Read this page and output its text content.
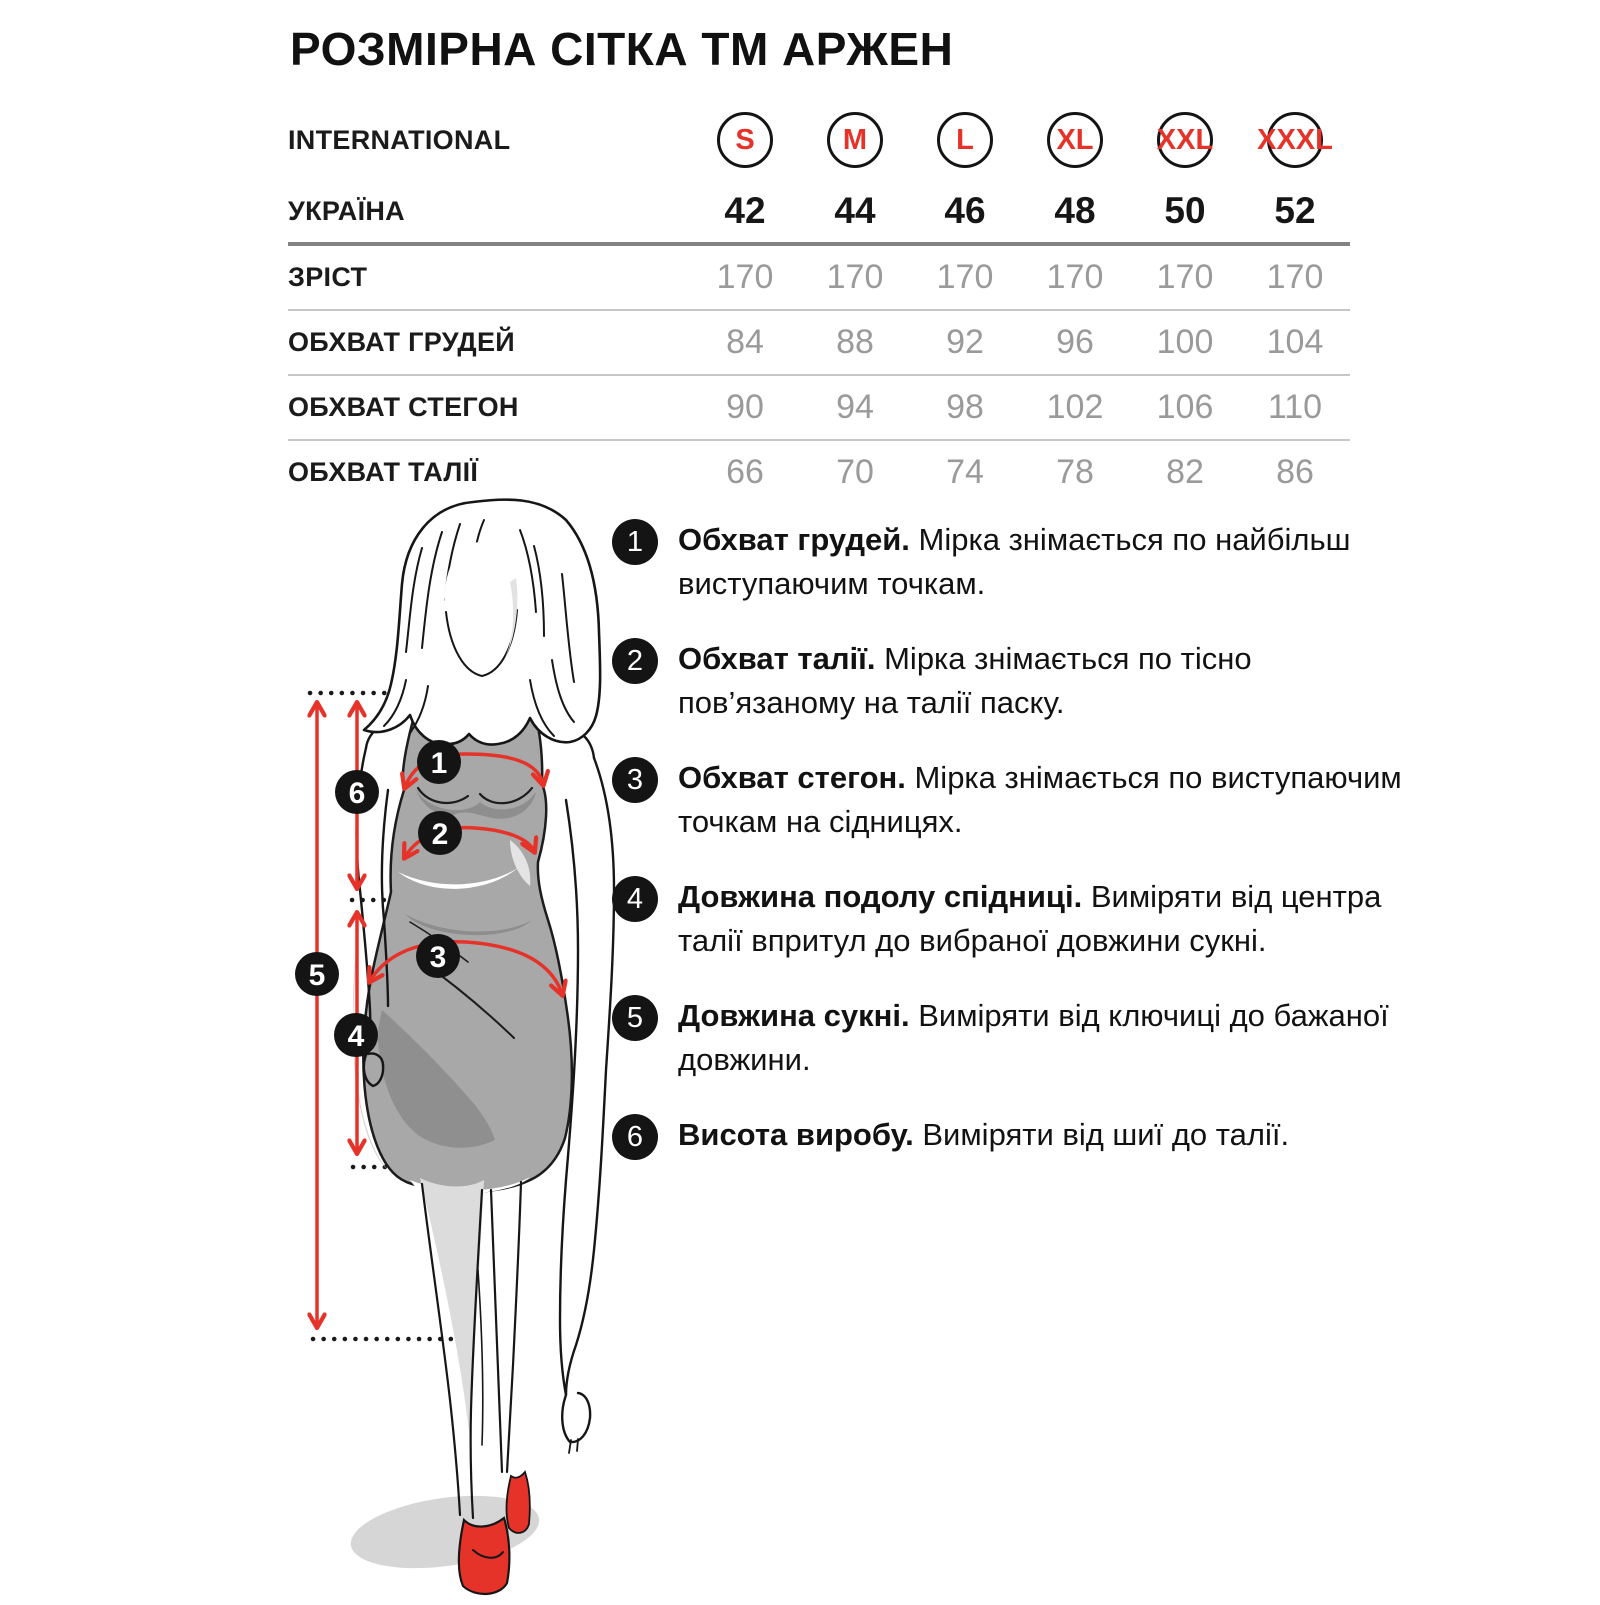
РОЗМІРНА СІТКА ТМ АРЖЕН
INTERNATIONAL	S	M	L	XL XXL XXXL
УКРАЇНА	42	44	46	48	50	52
ЗРІСТ	170	170	170	170	170	170
ОБХВАТ ГРУДЕЙ	84	88	92	96	100	104
ОБХВАТ СТЕГОН	90	94	98	102	106	110
ОБХВАТ ТАЛІЇ	66	70	74	78	82	86
1
2
3
4
5
6
1	Обхват грудей. Мірка знімається по найбільш виступаючим точкам.

2	Обхват талії. Мірка знімається по тісно пов’язаному на талії паску.

3	Обхват стегон. Мірка знімається по виступаючим точкам на сідницях.

4	Довжина подолу спідниці. Виміряти від центра талії впритул до вибраної довжини сукні.

5	Довжина сукні. Виміряти від ключиці до бажаної довжини.

6	Висота виробу. Виміряти від шиї до талії.
